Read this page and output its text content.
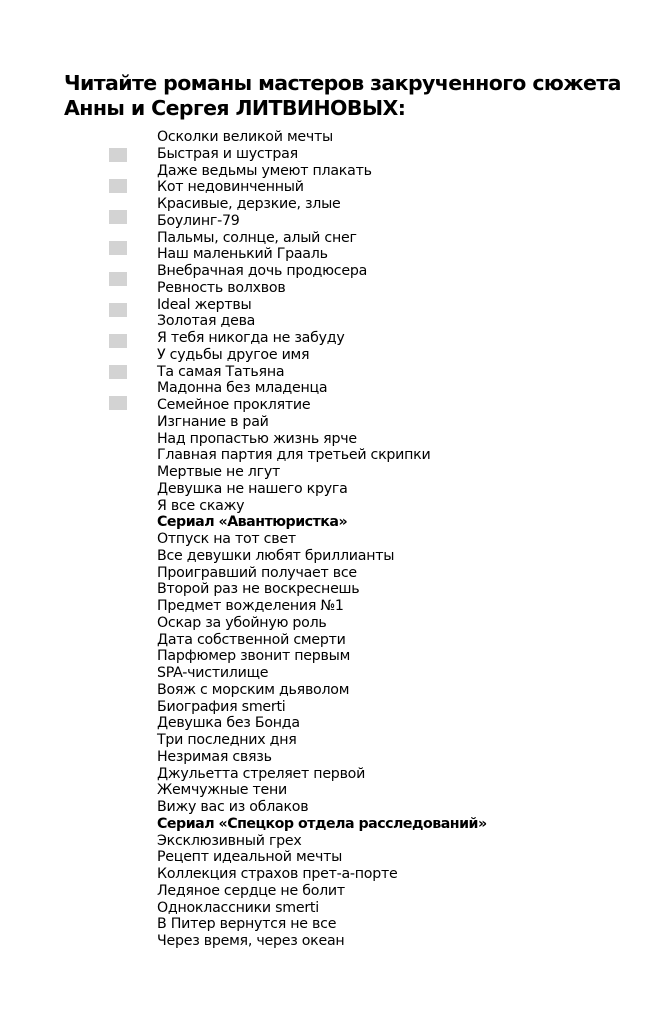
Читайте романы мастеров закрученного сюжета
Анны и Сергея ЛИТВИНОВЫХ:
Осколки великой мечты
Быстрая и шустрая
Даже ведьмы умеют плакать
Кот недовинченный
Красивые, дерзкие, злые
Боулинг-79
Пальмы, солнце, алый снег
Наш маленький Грааль
Внебрачная дочь продюсера
Ревность волхвов
Ideal жертвы
Золотая дева
Я тебя никогда не забуду
У судьбы другое имя
Та самая Татьяна
Мадонна без младенца
Семейное проклятие
Изгнание в рай
Над пропастью жизнь ярче
Главная партия для третьей скрипки
Мертвые не лгут
Девушка не нашего круга
Я все скажу
Сериал «Авантюристка»
Отпуск на тот свет
Все девушки любят бриллианты
Проигравший получает все
Второй раз не воскреснешь
Предмет вожделения №1
Оскар за убойную роль
Дата собственной смерти
Парфюмер звонит первым
SPA-чистилище
Вояж с морским дьяволом
Биография smerti
Девушка без Бонда
Три последних дня
Незримая связь
Джульетта стреляет первой
Жемчужные тени
Вижу вас из облаков
Сериал «Спецкор отдела расследований»
Эксклюзивный грех
Рецепт идеальной мечты
Коллекция страхов прет-а-порте
Ледяное сердце не болит
Одноклассники smerti
В Питер вернутся не все
Через время, через океан
